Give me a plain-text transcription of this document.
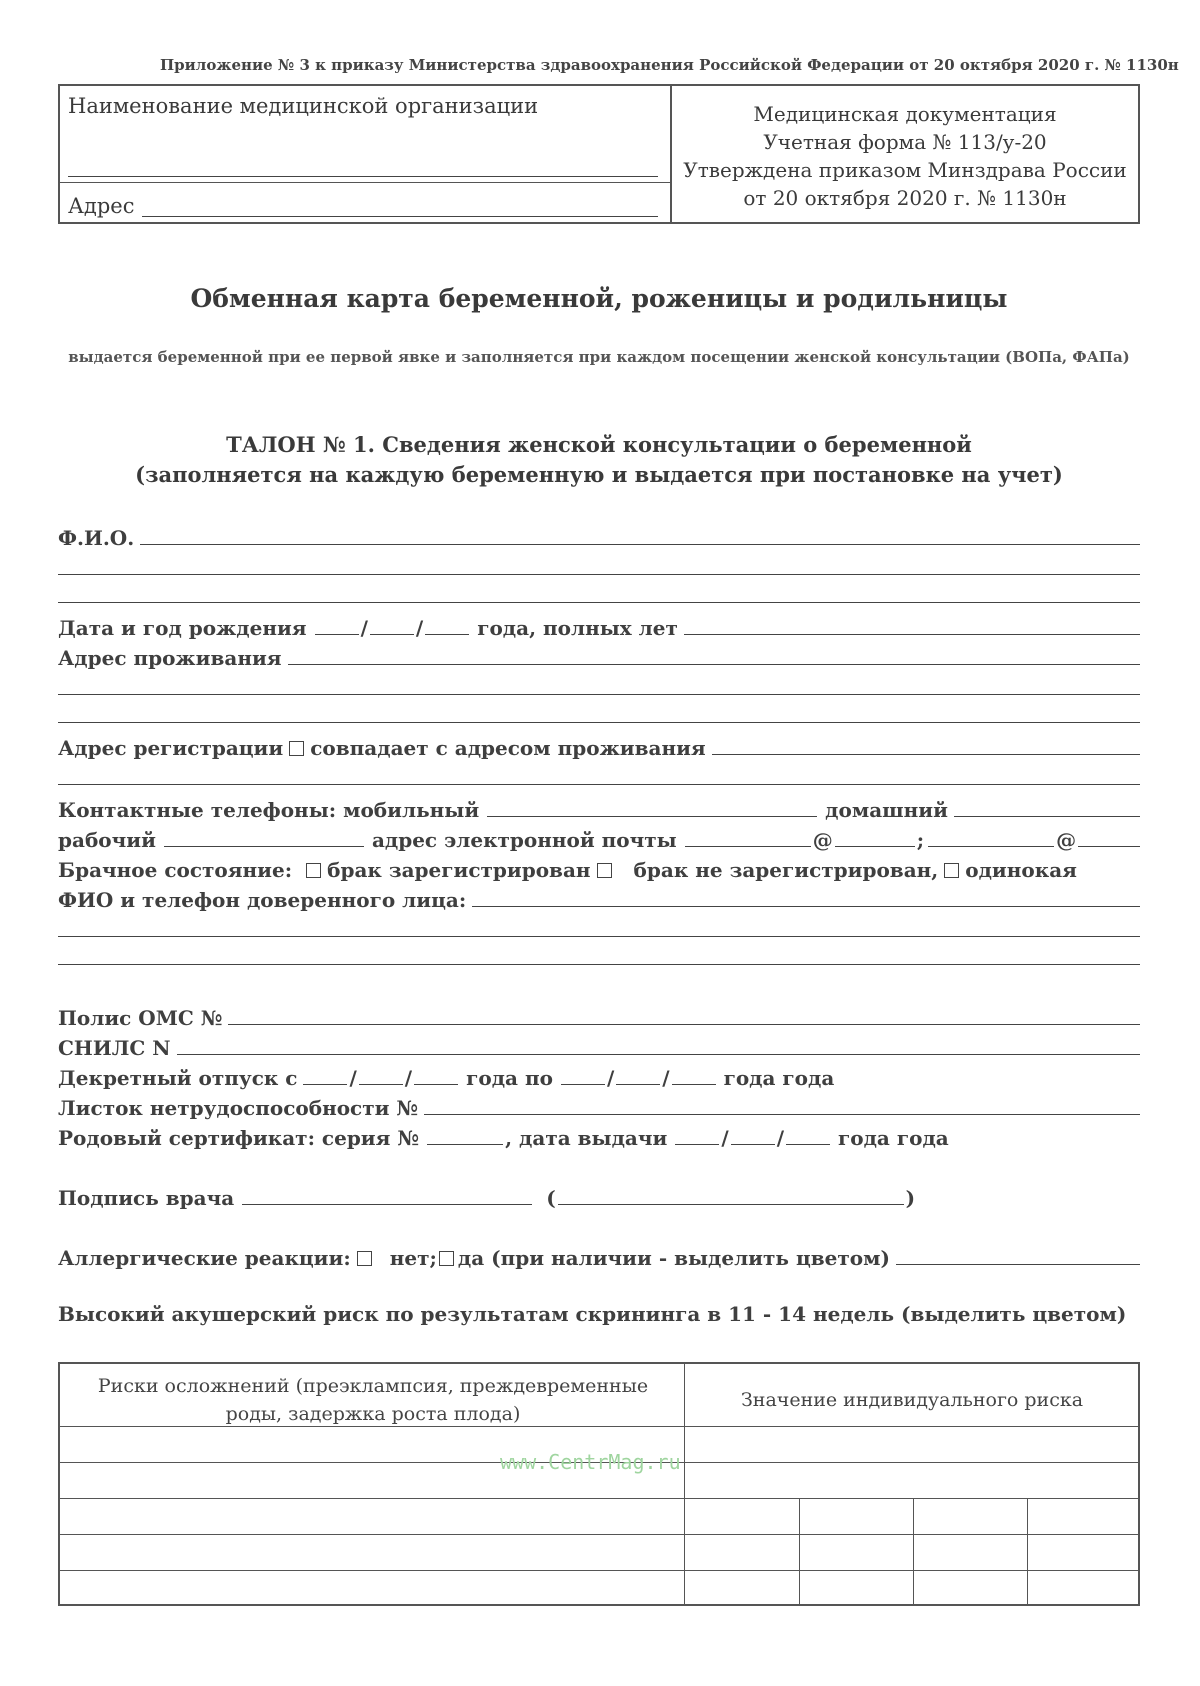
Приложение № 3 к приказу Министерства здравоохранения Российской Федерации от 20 октября 2020 г. № 1130н
Наименование медицинской организации
Адрес
Медицинская документация
Учетная форма № 113/у-20
Утверждена приказом Минздрава России
от 20 октября 2020 г. № 1130н
Обменная карта беременной, роженицы и родильницы
выдается беременной при ее первой явке и заполняется при каждом посещении женской консультации (ВОПа, ФАПа)
ТАЛОН № 1. Сведения женской консультации о беременной
(заполняется на каждую беременную и выдается при постановке на учет)
Ф.И.О.
Дата и год рождения	/ /	года, полных лет
Адрес проживания
Адрес регистрации совпадает с адресом проживания
Контактные телефоны: мобильный	домашний
рабочий	адрес электронной почты	@	;	@
Брачное состояние: брак зарегистрирован брак не зарегистрирован, одинокая
ФИО и телефон доверенного лица:
Полис ОМС №
СНИЛС N
Декретный отпуск с	/ /	года по	/ /	года года
Листок нетрудоспособности №
Родовый сертификат: серия №	, дата выдачи	/ /	года года
Подпись врача	(	)
Аллергические реакции: нет; да (при наличии - выделить цветом)
Высокий акушерский риск по результатам скрининга в 11 - 14 недель (выделить цветом)
Риски осложнений (преэклампсия, преждевременные
роды, задержка роста плода)
Значение индивидуального риска
www.CentrMag.ru
